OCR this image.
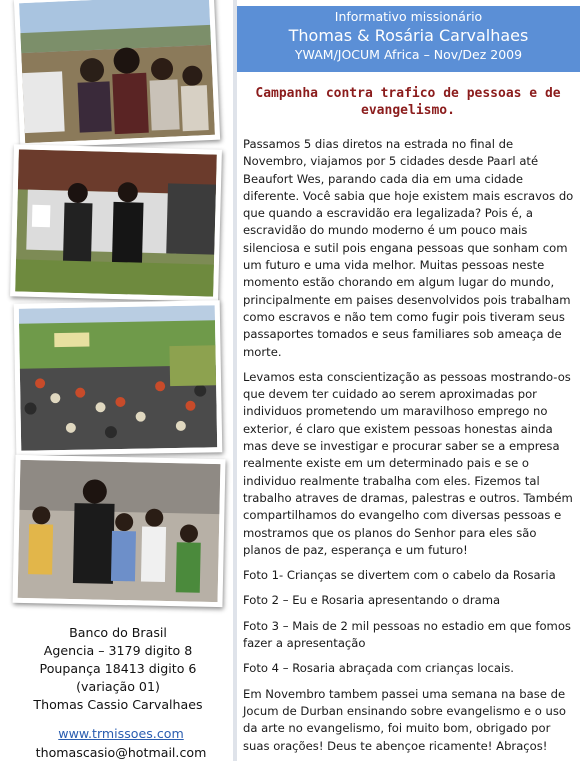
Banco do Brasil
Agencia – 3179 digito 8
Poupança 18413 digito 6
(variação 01)
Thomas Cassio Carvalhaes
www.trmissoes.com
thomascasio@hotmail.com
Informativo missionário
Thomas & Rosária Carvalhaes
YWAM/JOCUM Africa – Nov/Dez 2009
Campanha contra trafico de pessoas e de evangelismo.

Passamos 5 dias diretos na estrada no final de Novembro, viajamos por 5 cidades desde Paarl até Beaufort Wes, parando cada dia em uma cidade diferente. Você sabia que hoje existem mais escravos do que quando a escravidão era legalizada? Pois é, a escravidão do mundo moderno é um pouco mais silenciosa e sutil pois engana pessoas que sonham com um futuro e uma vida melhor. Muitas pessoas neste momento estão chorando em algum lugar do mundo, principalmente em paises desenvolvidos pois trabalham como escravos e não tem como fugir pois tiveram seus passaportes tomados e seus familiares sob ameaça de morte.

Levamos esta conscientização as pessoas mostrando-os que devem ter cuidado ao serem aproximadas por individuos prometendo um maravilhoso emprego no exterior, é claro que existem pessoas honestas ainda mas deve se investigar e procurar saber se a empresa realmente existe em um determinado pais e se o individuo realmente trabalha com eles. Fizemos tal trabalho atraves de dramas, palestras e outros. Também compartilhamos do evangelho com diversas pessoas e mostramos que os planos do Senhor para eles são planos de paz, esperança e um futuro!

Foto 1- Crianças se divertem com o cabelo da Rosaria

Foto 2 – Eu e Rosaria apresentando o drama

Foto 3 – Mais de 2 mil pessoas no estadio em que fomos fazer a apresentação

Foto 4 – Rosaria abraçada com crianças locais.

Em Novembro tambem passei uma semana na base de Jocum de Durban ensinando sobre evangelismo e o uso da arte no evangelismo, foi muito bom, obrigado por suas orações! Deus te abençoe ricamente! Abraços!
